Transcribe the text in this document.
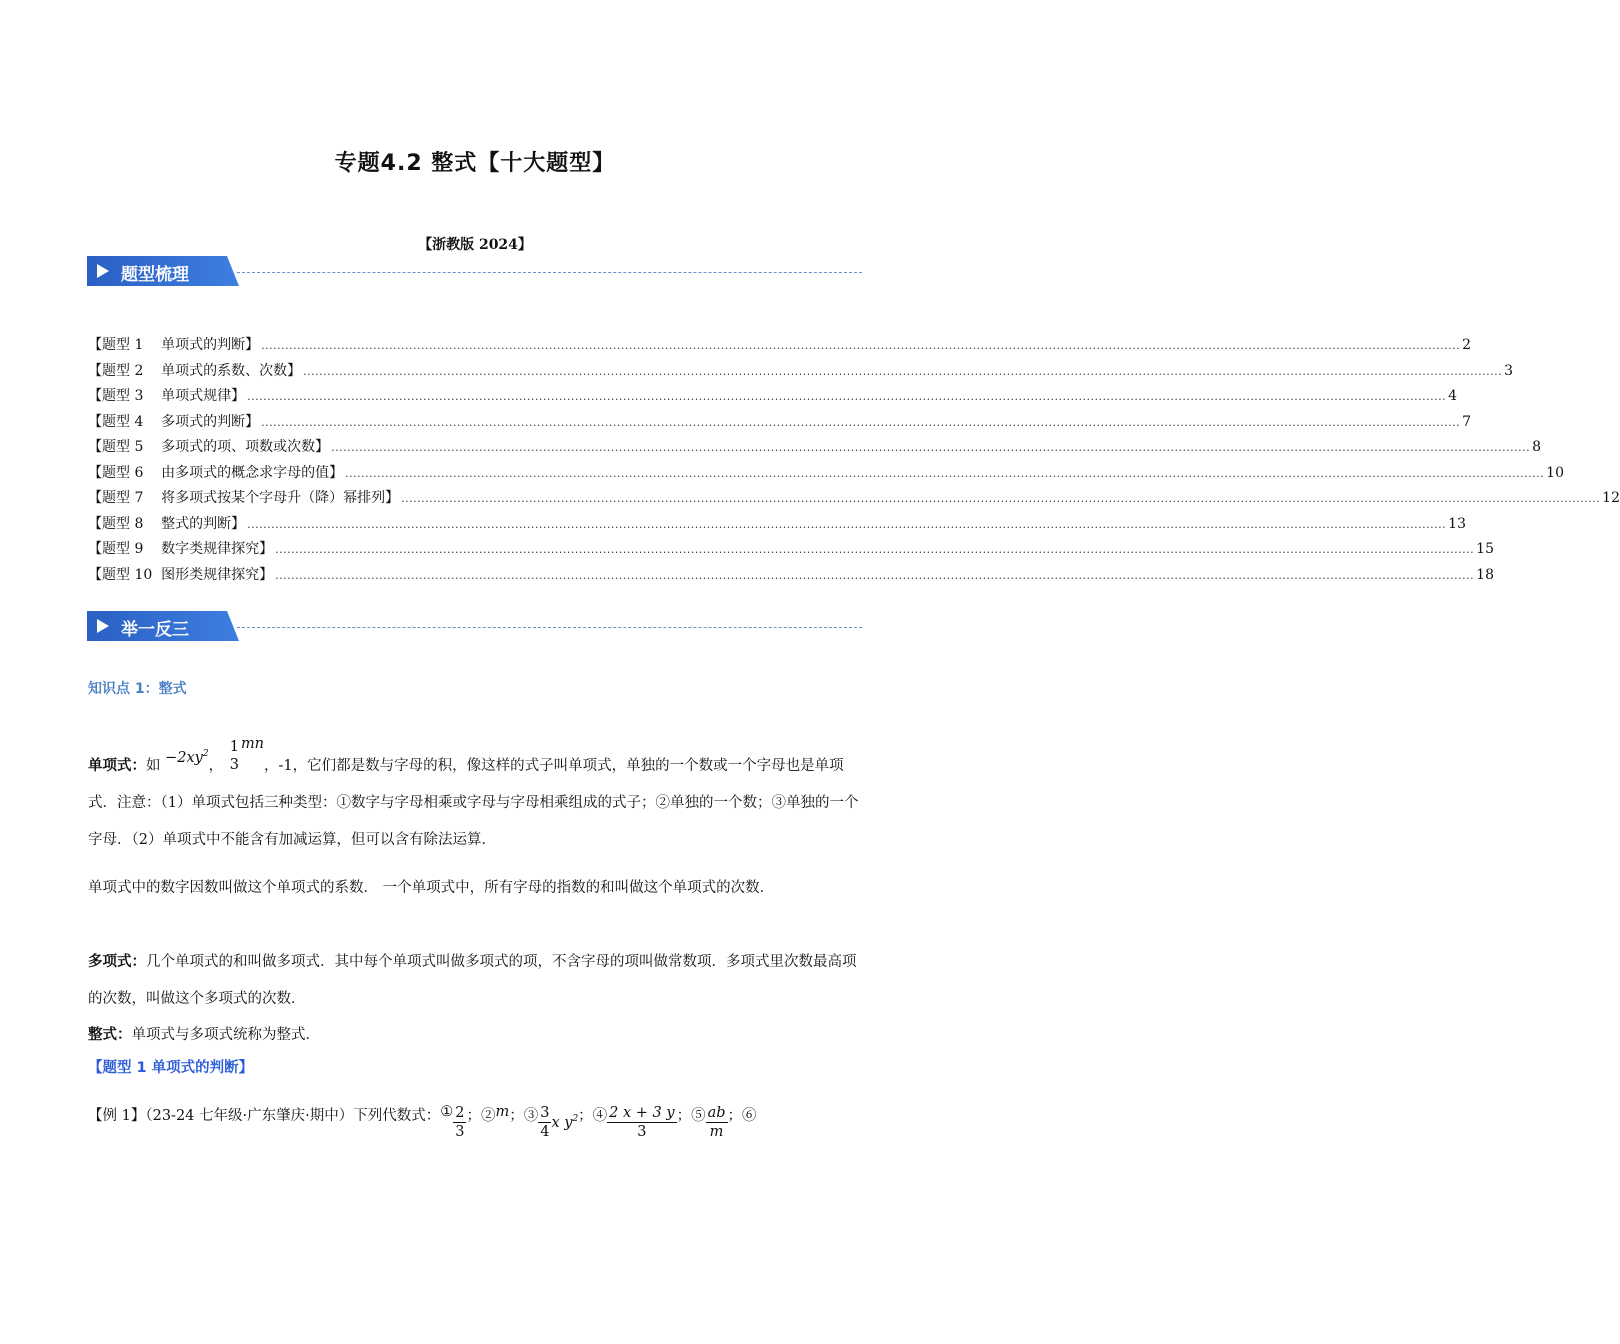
专题4.2 整式【十大题型】
【浙教版 2024】
题型梳理
【题型 1    单项式的判断】 ............................................................................................................................................................................................................................................................................................................ 2
【题型 2    单项式的系数、次数】 ............................................................................................................................................................................................................................................................................................................ 3
【题型 3    单项式规律】 ............................................................................................................................................................................................................................................................................................................ 4
【题型 4    多项式的判断】 ............................................................................................................................................................................................................................................................................................................ 7
【题型 5    多项式的项、项数或次数】 ............................................................................................................................................................................................................................................................................................................ 8
【题型 6    由多项式的概念求字母的值】 ............................................................................................................................................................................................................................................................................................................ 10
【题型 7    将多项式按某个字母升（降）幂排列】 ............................................................................................................................................................................................................................................................................................................ 12
【题型 8    整式的判断】 ............................................................................................................................................................................................................................................................................................................ 13
【题型 9    数字类规律探究】 ............................................................................................................................................................................................................................................................................................................ 15
【题型 10  图形类规律探究】 ............................................................................................................................................................................................................................................................................................................ 18
举一反三
知识点 1：整式
单项式：如 $-2xy^2$，
1
3
mn，-1，它们都是数与字母的积，像这样的式子叫单项式，单独的一个数或一个字母也是单项式．注意：（1）单项式包括三种类型：①数字与字母相乘或字母与字母相乘组成的式子；②单独的一个数；③单独的一个字母．（2）单项式中不能含有加减运算，但可以含有除法运算．
单项式中的数字因数叫做这个单项式的系数． 一个单项式中，所有字母的指数的和叫做这个单项式的次数．
多项式：几个单项式的和叫做多项式．其中每个单项式叫做多项式的项，不含字母的项叫做常数项．多项式里次数最高项的次数，叫做这个多项式的次数．
整式：单项式与多项式统称为整式．
【题型 1 单项式的判断】
【例 1】（23-24 七年级·广东肇庆·期中）下列代数式：① $\frac{2}{3}$ ；②m；③ $\frac{3}{4}$ x $y^2$；④ $\frac{2 x + 3 y}{3}$ ；⑤ $\frac{ab}{m}$ ；⑥
